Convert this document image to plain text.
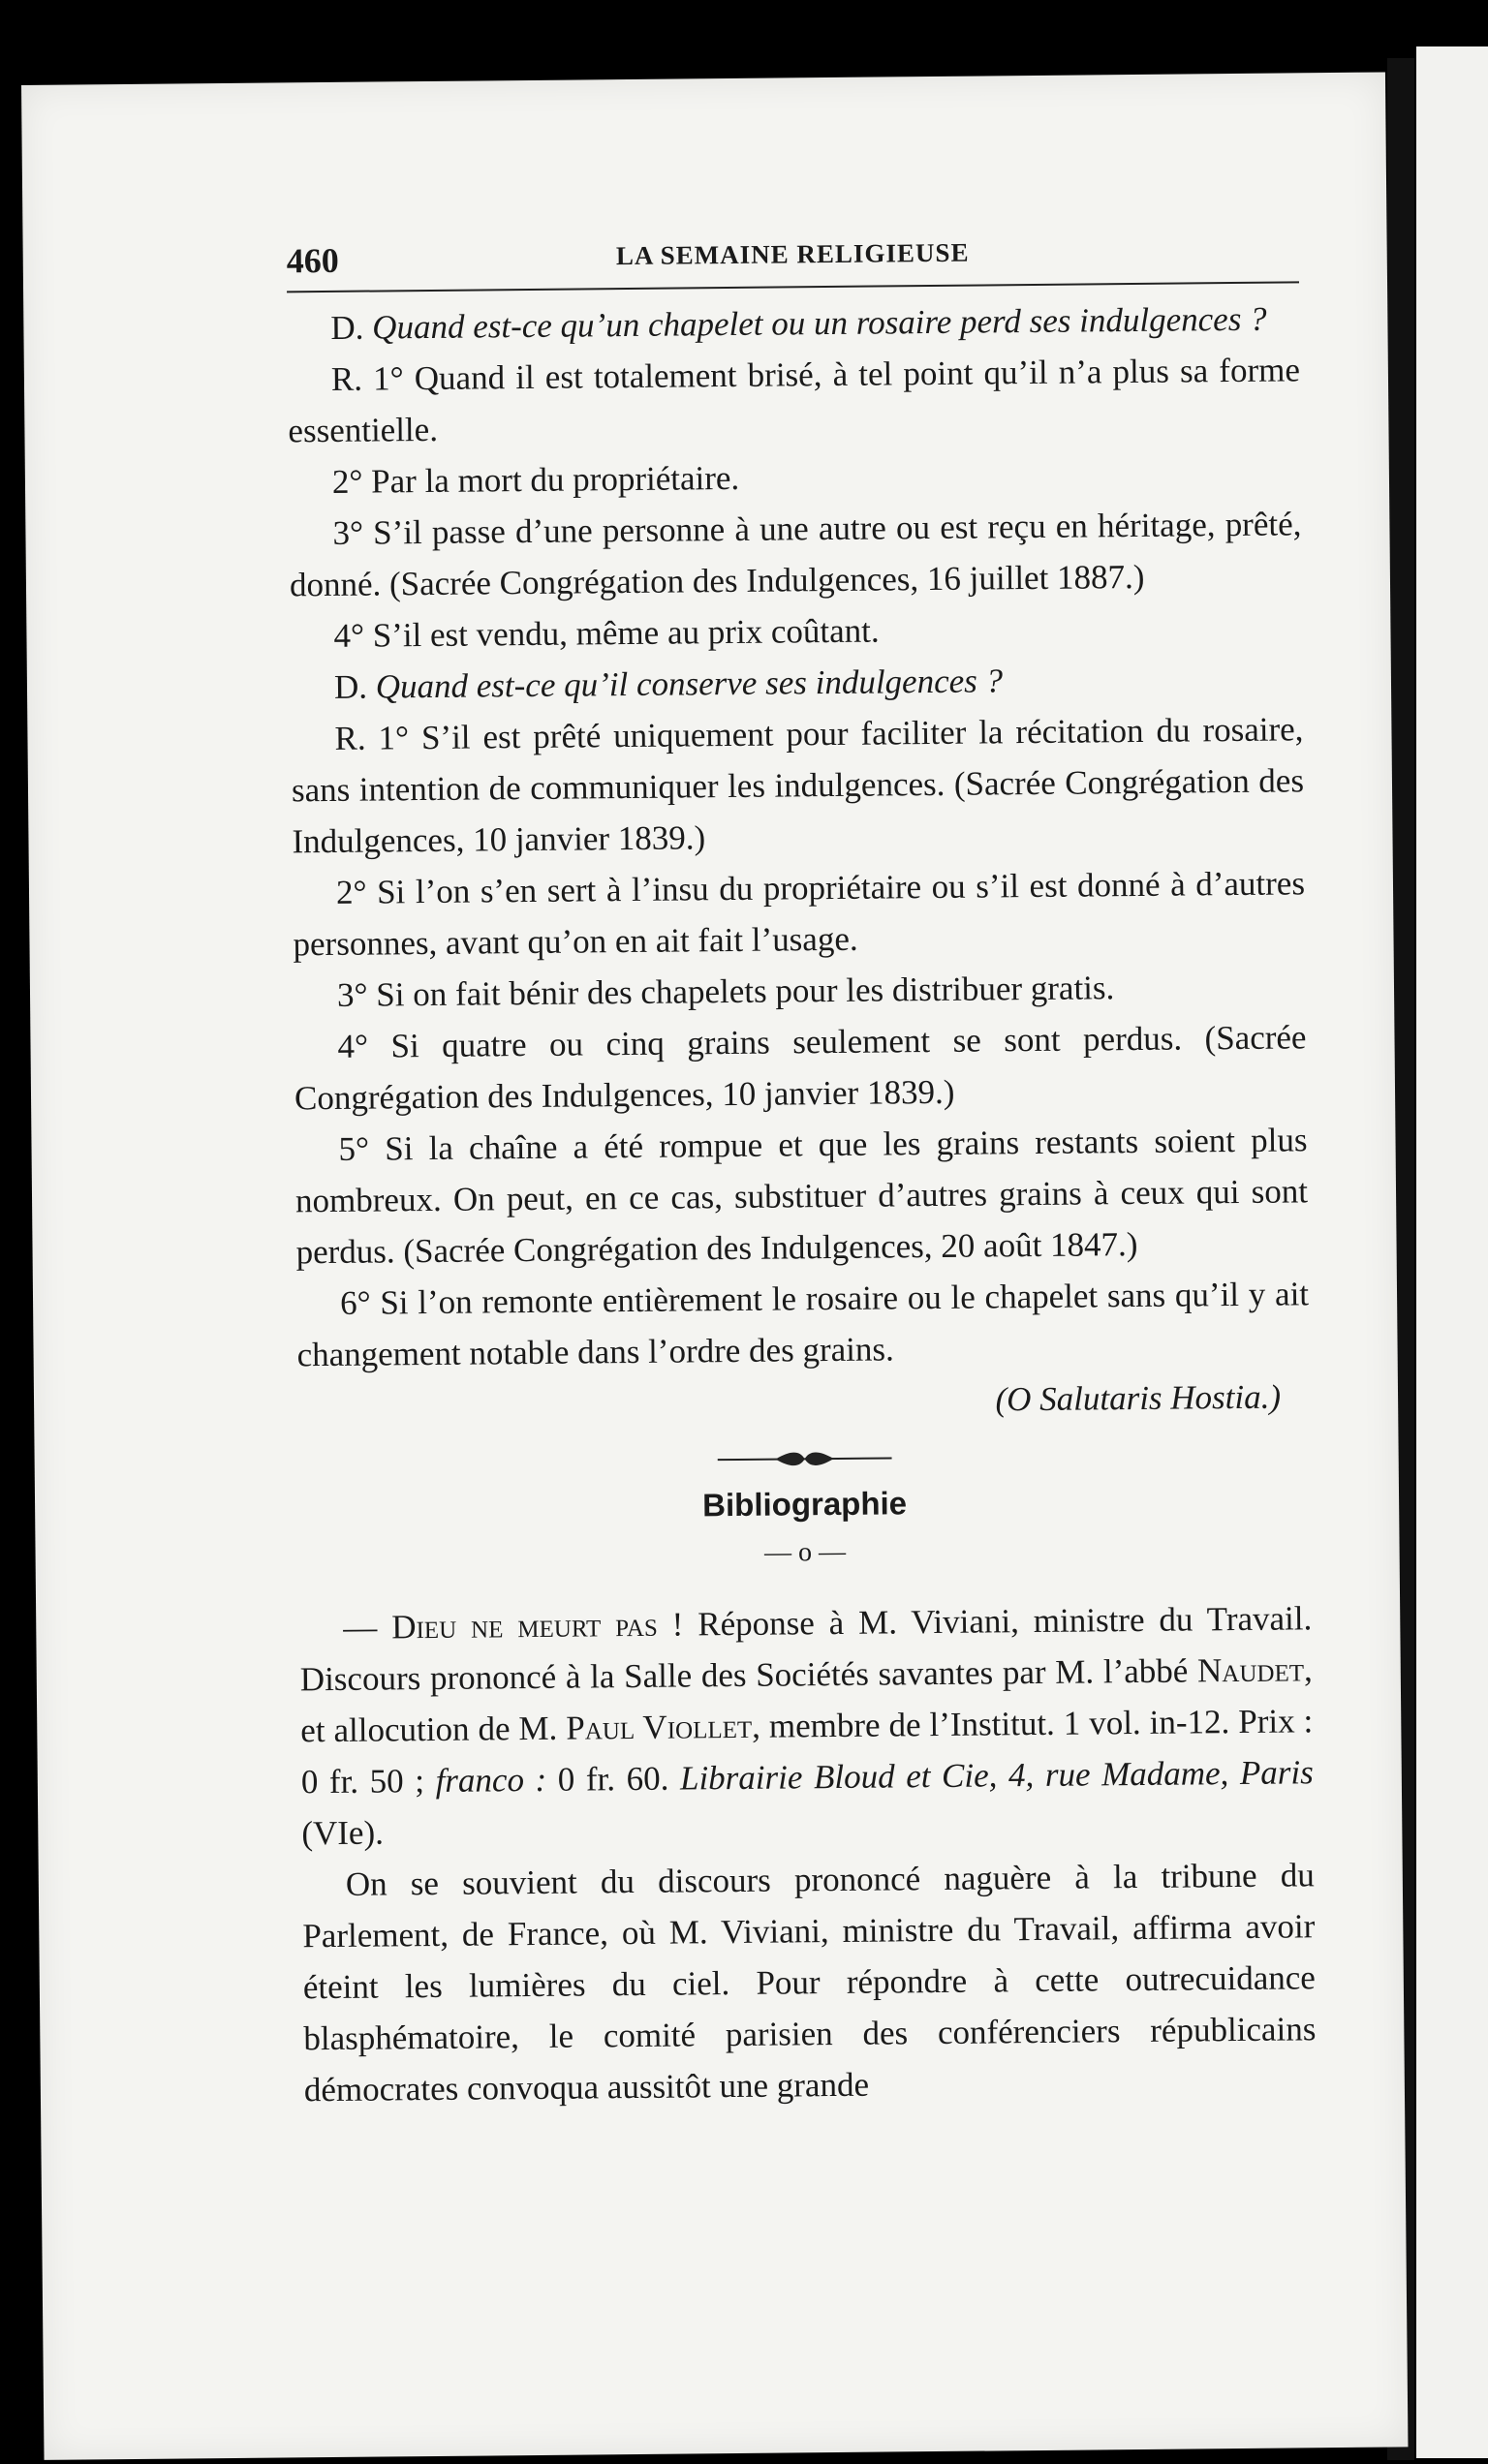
460	LA SEMAINE RELIGIEUSE

D. Quand est-ce qu’un chapelet ou un rosaire perd ses indulgences ?

R. 1° Quand il est totalement brisé, à tel point qu’il n’a plus sa forme essentielle.

2° Par la mort du propriétaire.

3° S’il passe d’une personne à une autre ou est reçu en héritage, prêté, donné. (Sacrée Congrégation des Indulgences, 16 juillet 1887.)

4° S’il est vendu, même au prix coûtant.

D. Quand est-ce qu’il conserve ses indulgences ?

R. 1° S’il est prêté uniquement pour faciliter la récitation du rosaire, sans intention de communiquer les indulgences. (Sacrée Congrégation des Indulgences, 10 janvier 1839.)

2° Si l’on s’en sert à l’insu du propriétaire ou s’il est donné à d’autres personnes, avant qu’on en ait fait l’usage.

3° Si on fait bénir des chapelets pour les distribuer gratis.

4° Si quatre ou cinq grains seulement se sont perdus. (Sacrée Congrégation des Indulgences, 10 janvier 1839.)

5° Si la chaîne a été rompue et que les grains restants soient plus nombreux. On peut, en ce cas, substituer d’autres grains à ceux qui sont perdus. (Sacrée Congrégation des Indulgences, 20 août 1847.)

6° Si l’on remonte entièrement le rosaire ou le chapelet sans qu’il y ait changement notable dans l’ordre des grains.

(O Salutaris Hostia.)

Bibliographie
— o —

— Dieu ne meurt pas ! Réponse à M. Viviani, ministre du Travail. Discours prononcé à la Salle des Sociétés savantes par M. l’abbé Naudet, et allocution de M. Paul Viollet, membre de l’Institut. 1 vol. in-12. Prix : 0 fr. 50 ; franco : 0 fr. 60. Librairie Bloud et Cie, 4, rue Madame, Paris (VIe).

On se souvient du discours prononcé naguère à la tribune du Parlement, de France, où M. Viviani, ministre du Travail, affirma avoir éteint les lumières du ciel. Pour répondre à cette outrecuidance blasphématoire, le comité parisien des conférenciers républicains démocrates convoqua aussitôt une grande
